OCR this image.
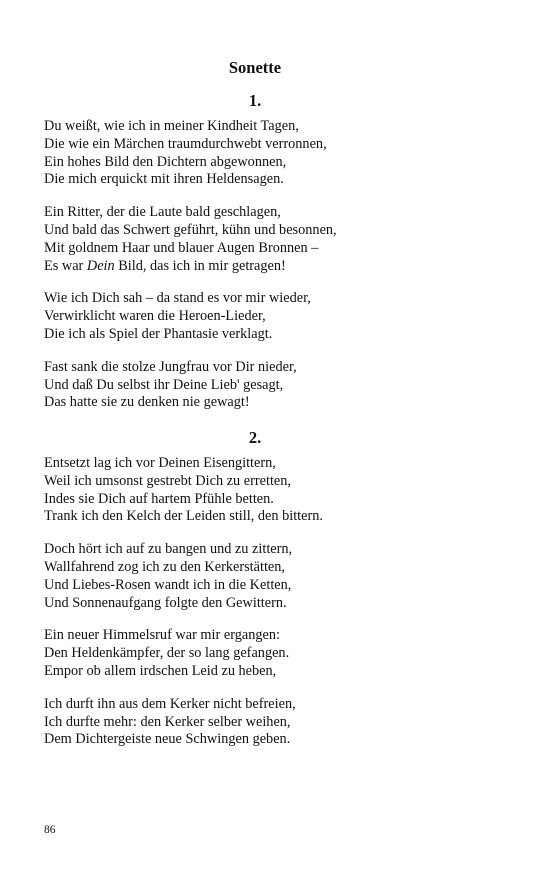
Sonette
1.
Du weißt, wie ich in meiner Kindheit Tagen,
Die wie ein Märchen traumdurchwebt verronnen,
Ein hohes Bild den Dichtern abgewonnen,
Die mich erquickt mit ihren Heldensagen.
Ein Ritter, der die Laute bald geschlagen,
Und bald das Schwert geführt, kühn und besonnen,
Mit goldnem Haar und blauer Augen Bronnen –
Es war Dein Bild, das ich in mir getragen!
Wie ich Dich sah – da stand es vor mir wieder,
Verwirklicht waren die Heroen-Lieder,
Die ich als Spiel der Phantasie verklagt.
Fast sank die stolze Jungfrau vor Dir nieder,
Und daß Du selbst ihr Deine Lieb' gesagt,
Das hatte sie zu denken nie gewagt!
2.
Entsetzt lag ich vor Deinen Eisengittern,
Weil ich umsonst gestrebt Dich zu erretten,
Indes sie Dich auf hartem Pfühle betten.
Trank ich den Kelch der Leiden still, den bittern.
Doch hört ich auf zu bangen und zu zittern,
Wallfahrend zog ich zu den Kerkerstätten,
Und Liebes-Rosen wandt ich in die Ketten,
Und Sonnenaufgang folgte den Gewittern.
Ein neuer Himmelsruf war mir ergangen:
Den Heldenkämpfer, der so lang gefangen.
Empor ob allem irdschen Leid zu heben,
Ich durft ihn aus dem Kerker nicht befreien,
Ich durfte mehr: den Kerker selber weihen,
Dem Dichtergeiste neue Schwingen geben.
86
